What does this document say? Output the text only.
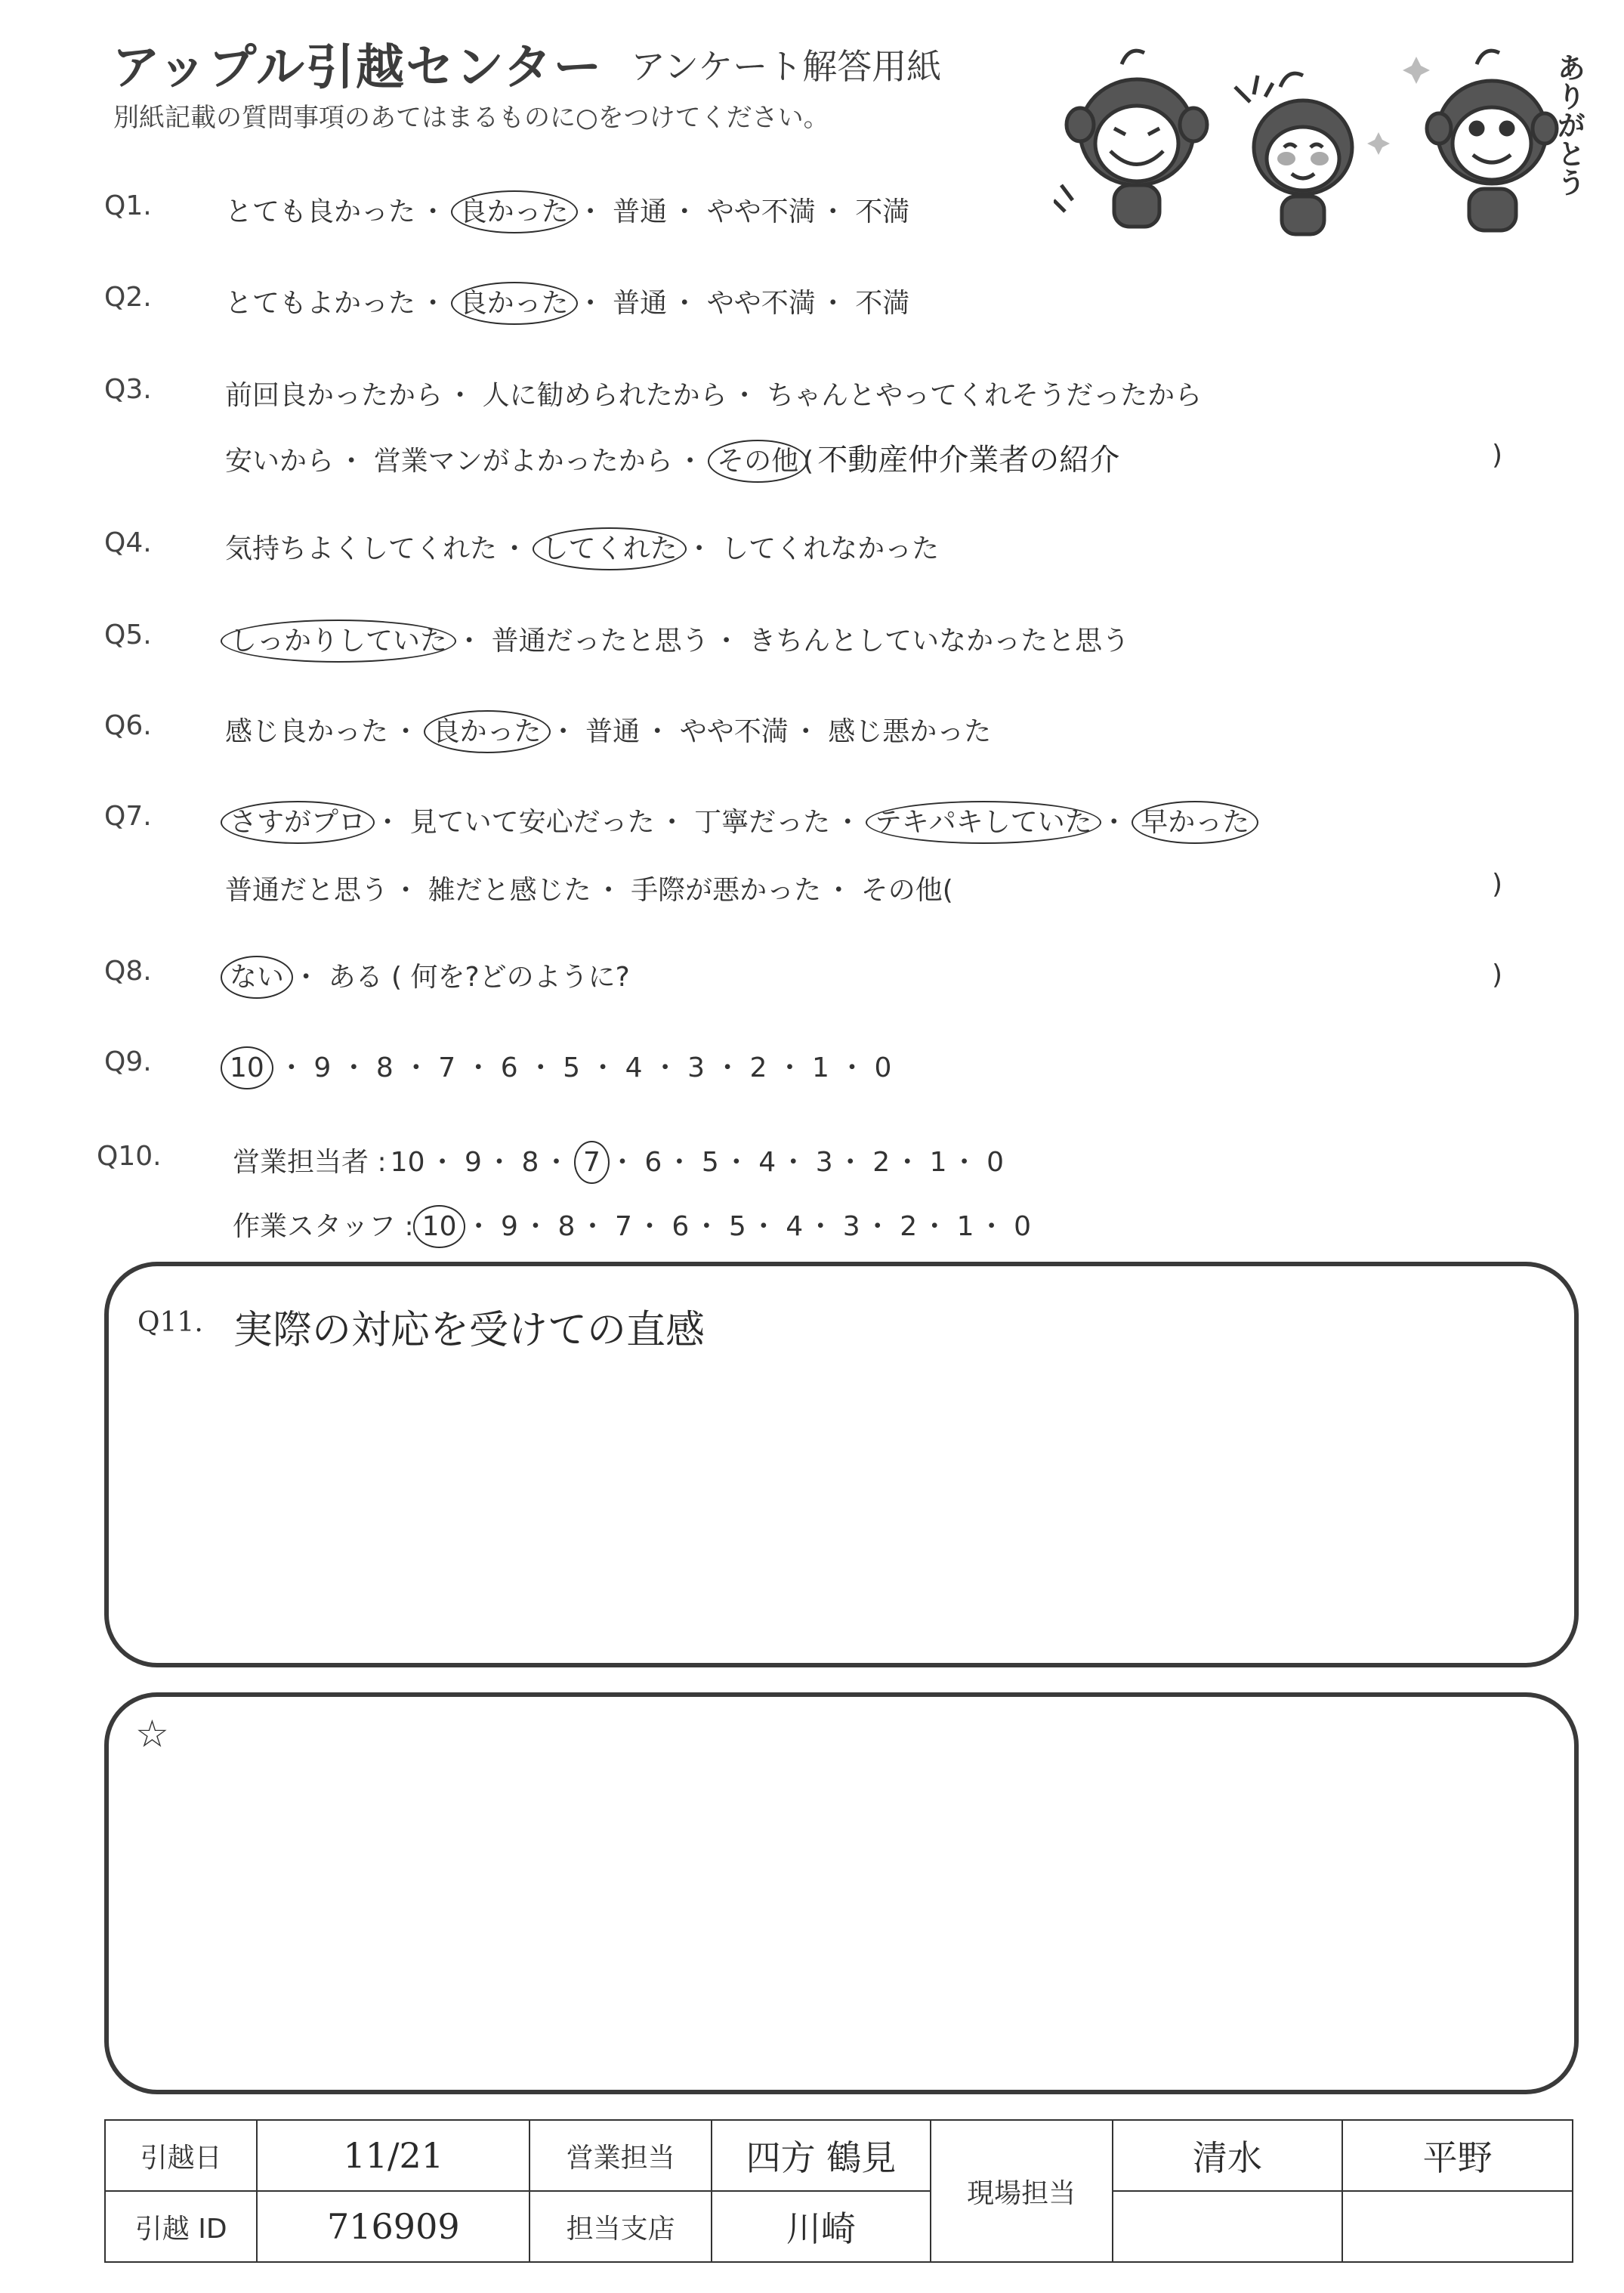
アップル引越センター アンケート解答用紙
別紙記載の質問事項のあてはまるものに○をつけてください。	ありがとう
Q1.	とても良かった ・ 良かった ・ 普通 ・ やや不満 ・ 不満
Q2.	とてもよかった ・ 良かった ・ 普通 ・ やや不満 ・ 不満
Q3.	前回良かったから ・ 人に勧められたから ・ ちゃんとやってくれそうだったから
安いから ・ 営業マンがよかったから ・ その他 ( 不動産仲介業者の紹介	)
Q4.	気持ちよくしてくれた ・ してくれた ・ してくれなかった
Q5.	しっかりしていた ・ 普通だったと思う ・ きちんとしていなかったと思う
Q6.	感じ良かった ・ 良かった ・ 普通 ・ やや不満 ・ 感じ悪かった
Q7.	さすがプロ ・ 見ていて安心だった ・ 丁寧だった ・ テキパキしていた ・ 早かった
普通だと思う ・ 雑だと感じた ・ 手際が悪かった ・ その他(	)
Q8.	ない ・ ある ( 何を?どのように?	)
Q9.	10 ・ 9 ・ 8 ・ 7 ・ 6 ・ 5 ・ 4 ・ 3 ・ 2 ・ 1 ・ 0
Q10.	営業担当者 : 10 ・ 9 ・ 8 ・ 7 ・ 6 ・ 5 ・ 4 ・ 3 ・ 2 ・ 1 ・ 0
作業スタッフ : 10 ・ 9 ・ 8 ・ 7 ・ 6 ・ 5 ・ 4 ・ 3 ・ 2 ・ 1 ・ 0
Q11. 実際の対応を受けての直感
☆
引越日	11/21	営業担当	四方 鶴見	現場担当	清水	平野
引越 ID	716909	担当支店	川崎			
